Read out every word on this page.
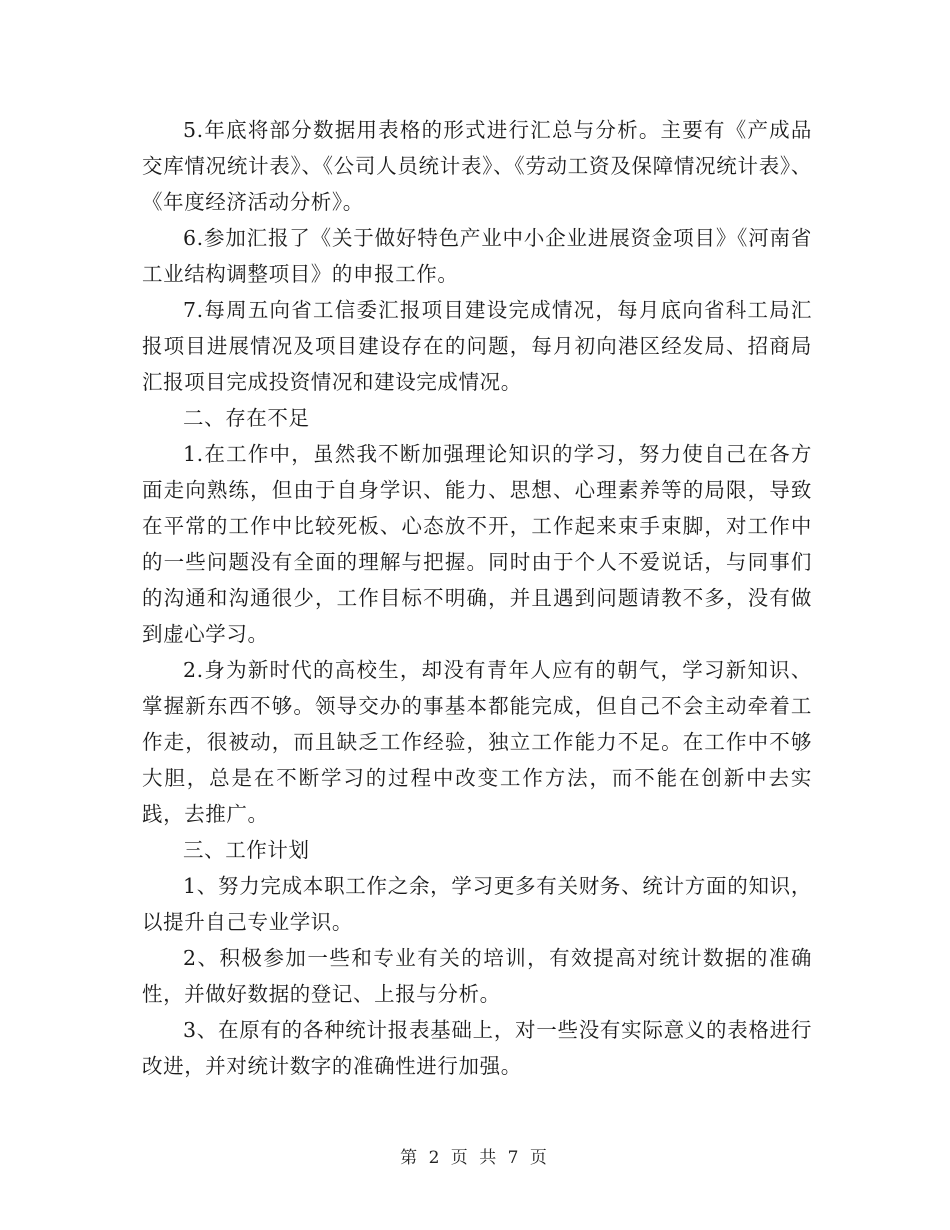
5.年底将部分数据用表格的形式进行汇总与分析。主要有《产成品交库情况统计表》、《公司人员统计表》、《劳动工资及保障情况统计表》、《年度经济活动分析》。

6.参加汇报了《关于做好特色产业中小企业进展资金项目》《河南省工业结构调整项目》的申报工作。

7.每周五向省工信委汇报项目建设完成情况，每月底向省科工局汇报项目进展情况及项目建设存在的问题，每月初向港区经发局、招商局汇报项目完成投资情况和建设完成情况。

二、存在不足

1.在工作中，虽然我不断加强理论知识的学习，努力使自己在各方面走向熟练，但由于自身学识、能力、思想、心理素养等的局限，导致在平常的工作中比较死板、心态放不开，工作起来束手束脚，对工作中的一些问题没有全面的理解与把握。同时由于个人不爱说话，与同事们的沟通和沟通很少，工作目标不明确，并且遇到问题请教不多，没有做到虚心学习。

2.身为新时代的高校生，却没有青年人应有的朝气，学习新知识、掌握新东西不够。领导交办的事基本都能完成，但自己不会主动牵着工作走，很被动，而且缺乏工作经验，独立工作能力不足。在工作中不够大胆，总是在不断学习的过程中改变工作方法，而不能在创新中去实践，去推广。

三、工作计划

1、努力完成本职工作之余，学习更多有关财务、统计方面的知识，以提升自己专业学识。

2、积极参加一些和专业有关的培训，有效提高对统计数据的准确性，并做好数据的登记、上报与分析。

3、在原有的各种统计报表基础上，对一些没有实际意义的表格进行改进，并对统计数字的准确性进行加强。

第 2 页 共 7 页
